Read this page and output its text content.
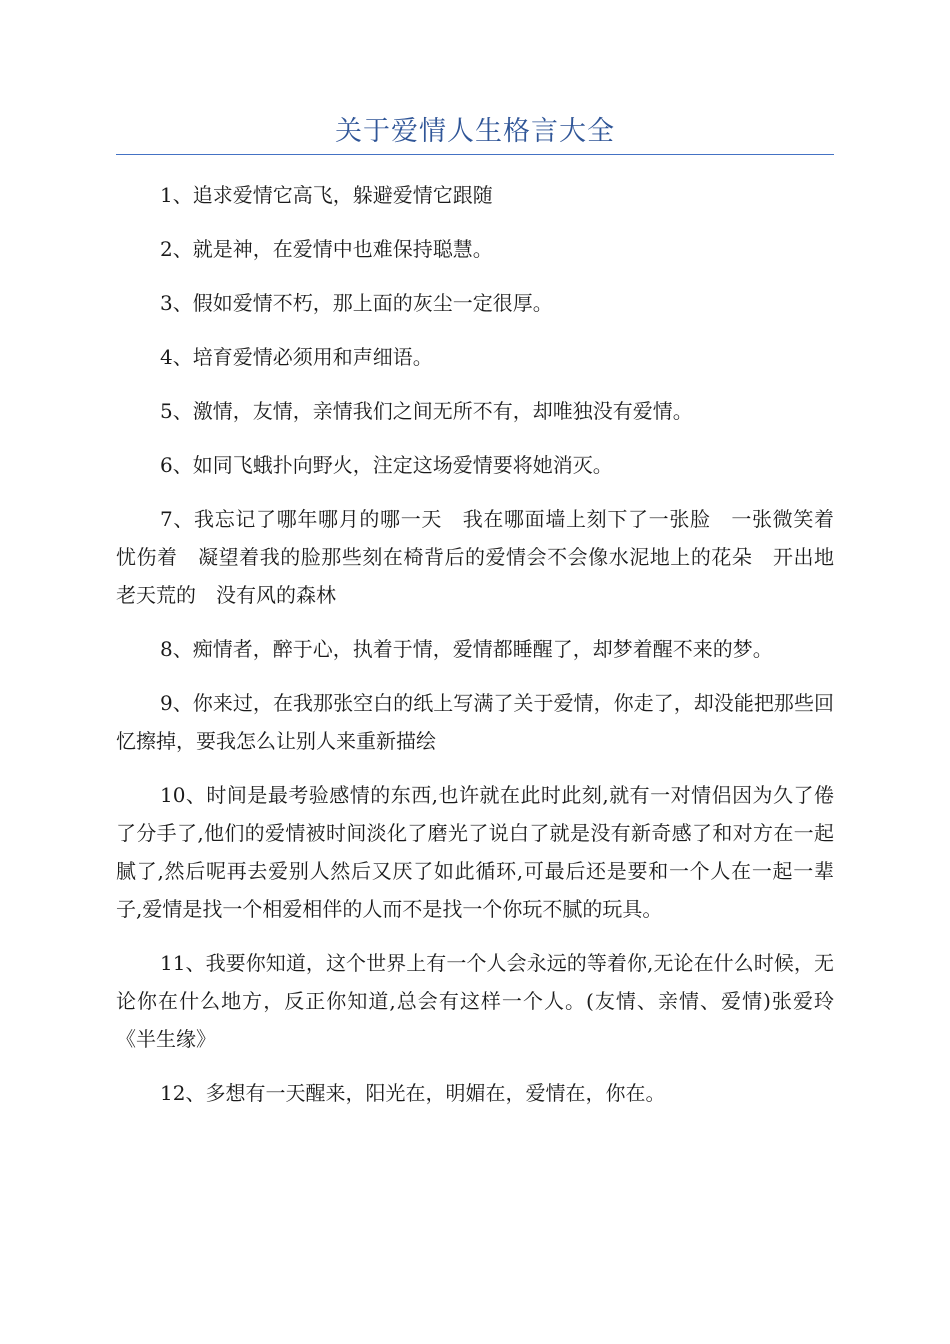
关于爱情人生格言大全

1、追求爱情它高飞，躲避爱情它跟随

2、就是神，在爱情中也难保持聪慧。

3、假如爱情不朽，那上面的灰尘一定很厚。

4、培育爱情必须用和声细语。

5、激情，友情，亲情我们之间无所不有，却唯独没有爱情。

6、如同飞蛾扑向野火，注定这场爱情要将她消灭。

7、我忘记了哪年哪月的哪一天　我在哪面墙上刻下了一张脸　一张微笑着　忧伤着　凝望着我的脸那些刻在椅背后的爱情会不会像水泥地上的花朵　开出地老天荒的　没有风的森林

8、痴情者，醉于心，执着于情，爱情都睡醒了，却梦着醒不来的梦。

9、你来过，在我那张空白的纸上写满了关于爱情，你走了，却没能把那些回忆擦掉，要我怎么让别人来重新描绘

10、时间是最考验感情的东西,也许就在此时此刻,就有一对情侣因为久了倦了分手了,他们的爱情被时间淡化了磨光了说白了就是没有新奇感了和对方在一起腻了,然后呢再去爱别人然后又厌了如此循环,可最后还是要和一个人在一起一辈子,爱情是找一个相爱相伴的人而不是找一个你玩不腻的玩具。

11、我要你知道，这个世界上有一个人会永远的等着你,无论在什么时候，无论你在什么地方，反正你知道,总会有这样一个人。(友情、亲情、爱情)张爱玲《半生缘》

12、多想有一天醒来，阳光在，明媚在，爱情在，你在。
